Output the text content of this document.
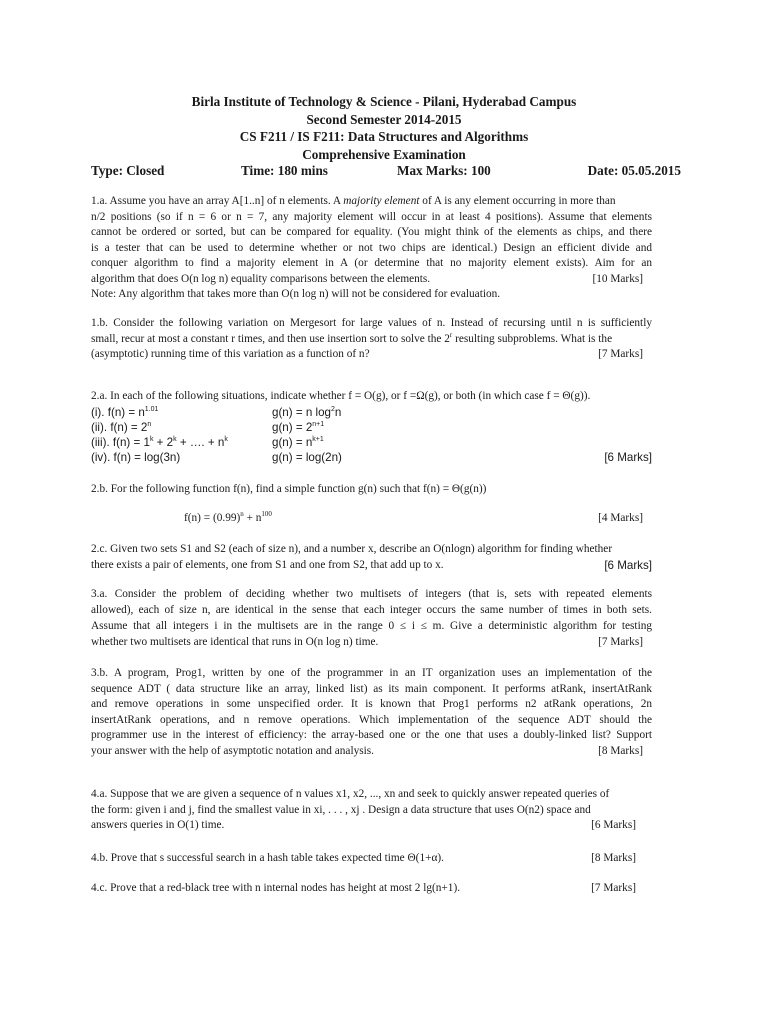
Birla Institute of Technology & Science - Pilani, Hyderabad Campus
Second Semester 2014-2015
CS F211 / IS F211: Data Structures and Algorithms
Comprehensive Examination
Type: Closed	Time: 180 mins	Max Marks: 100	Date: 05.05.2015
1.a. Assume you have an array A[1..n] of n elements. A majority element of A is any element occurring in more than
n/2 positions (so if n = 6 or n = 7, any majority element will occur in at least 4 positions). Assume that elements
cannot be ordered or sorted, but can be compared for equality. (You might think of the elements as chips, and there
is a tester that can be used to determine whether or not two chips are identical.) Design an efficient divide and
conquer algorithm to find a majority element in A (or determine that no majority element exists). Aim for an
algorithm that does O(n log n) equality comparisons between the elements.	[10 Marks]
Note: Any algorithm that takes more than O(n log n) will not be considered for evaluation.
1.b. Consider the following variation on Mergesort for large values of n. Instead of recursing until n is sufficiently
small, recur at most a constant r times, and then use insertion sort to solve the 2$^r$ resulting subproblems. What is the
(asymptotic) running time of this variation as a function of n?	[7 Marks]
2.a. In each of the following situations, indicate whether f = O(g), or f =Ω(g), or both (in which case f = Θ(g)).
(i). $f(n) = n^{1.01}$	g(n) = n $\log^2n$
(ii). $f(n) = 2^n$	$g(n) = 2^{n+1}$
(iii). $f(n) = 1^k + 2^k$ + …. + $n^k$	$g(n) = n^{k+1}$
(iv). f(n) = log(3n)	g(n) = log(2n)	[6 Marks]
2.b. For the following function f(n), find a simple function g(n) such that f(n) = Θ(g(n))
$f(n) = (0.99)^n + n^{100}$	[4 Marks]
2.c. Given two sets S1 and S2 (each of size n), and a number x, describe an O(nlogn) algorithm for finding whether
there exists a pair of elements, one from S1 and one from S2, that add up to x.	[6 Marks]
3.a. Consider the problem of deciding whether two multisets of integers (that is, sets with repeated elements
allowed), each of size n, are identical in the sense that each integer occurs the same number of times in both sets.
Assume that all integers i in the multisets are in the range 0 ≤ i ≤ m. Give a deterministic algorithm for testing
whether two multisets are identical that runs in O(n log n) time.	[7 Marks]
3.b. A program, Prog1, written by one of the programmer in an IT organization uses an implementation of the
sequence ADT ( data structure like an array, linked list) as its main component. It performs atRank, insertAtRank
and remove operations in some unspecified order. It is known that Prog1 performs n2 atRank operations, 2n
insertAtRank operations, and n remove operations. Which implementation of the sequence ADT should the
programmer use in the interest of efficiency: the array-based one or the one that uses a doubly-linked list? Support
your answer with the help of asymptotic notation and analysis.	[8 Marks]
4.a. Suppose that we are given a sequence of n values x1, x2, ..., xn and seek to quickly answer repeated queries of
the form: given i and j, find the smallest value in xi, . . . , xj . Design a data structure that uses O(n2) space and
answers queries in O(1) time.	[6 Marks]
4.b. Prove that s successful search in a hash table takes expected time Θ(1+α).	[8 Marks]
4.c. Prove that a red-black tree with n internal nodes has height at most 2 lg(n+1).	[7 Marks]
